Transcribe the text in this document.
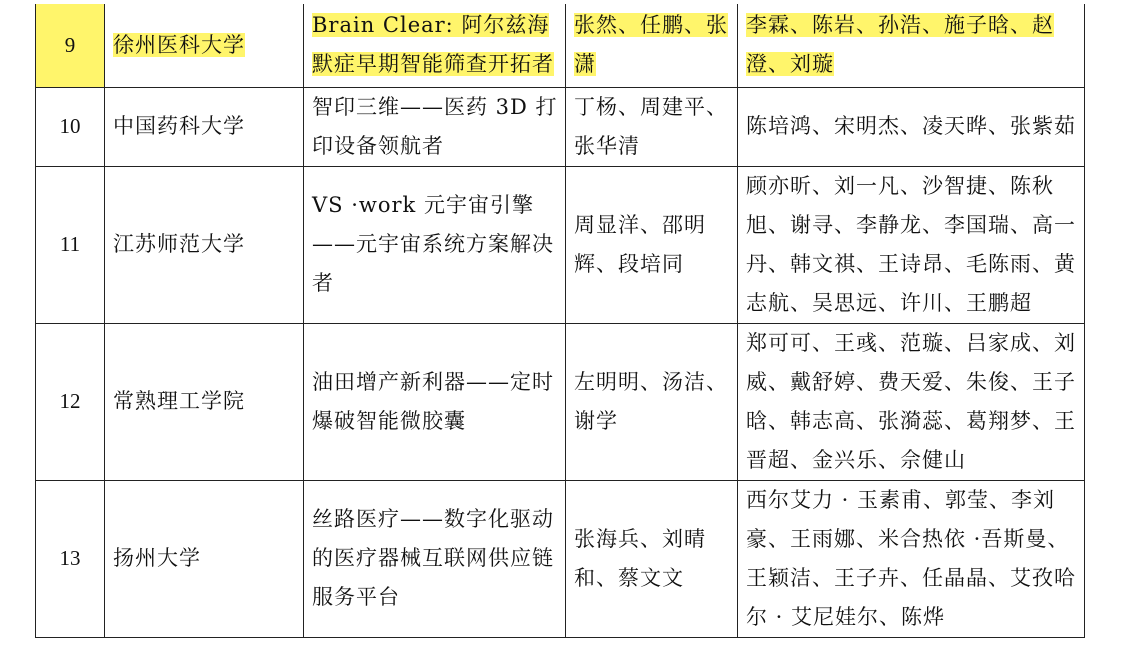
9	徐州医科大学	Brain Clear: 阿尔兹海默症早期智能筛查开拓者	张然、任鹏、张潇	李霖、陈岩、孙浩、施子晗、赵澄、刘璇
10	中国药科大学	智印三维——医药 3D 打印设备领航者	丁杨、周建平、张华清	陈培鸿、宋明杰、凌天晔、张紫茹
11	江苏师范大学	VS ·work 元宇宙引擎——元宇宙系统方案解决者	周显洋、邵明辉、段培同	顾亦昕、刘一凡、沙智捷、陈秋旭、谢寻、李静龙、李国瑞、高一丹、韩文祺、王诗昂、毛陈雨、黄志航、吴思远、许川、王鹏超
12	常熟理工学院	油田增产新利器——定时爆破智能微胶囊	左明明、汤洁、谢学	郑可可、王彧、范璇、吕家成、刘威、戴舒婷、费天爱、朱俊、王子晗、韩志高、张漪蕊、葛翔梦、王晋超、金兴乐、佘健山
13	扬州大学	丝路医疗——数字化驱动的医疗器械互联网供应链服务平台	张海兵、刘晴和、蔡文文	西尔艾力 · 玉素甫、郭莹、李刘豪、王雨娜、米合热依 ·吾斯曼、王颖洁、王子卉、任晶晶、艾孜哈尔 · 艾尼娃尔、陈烨
